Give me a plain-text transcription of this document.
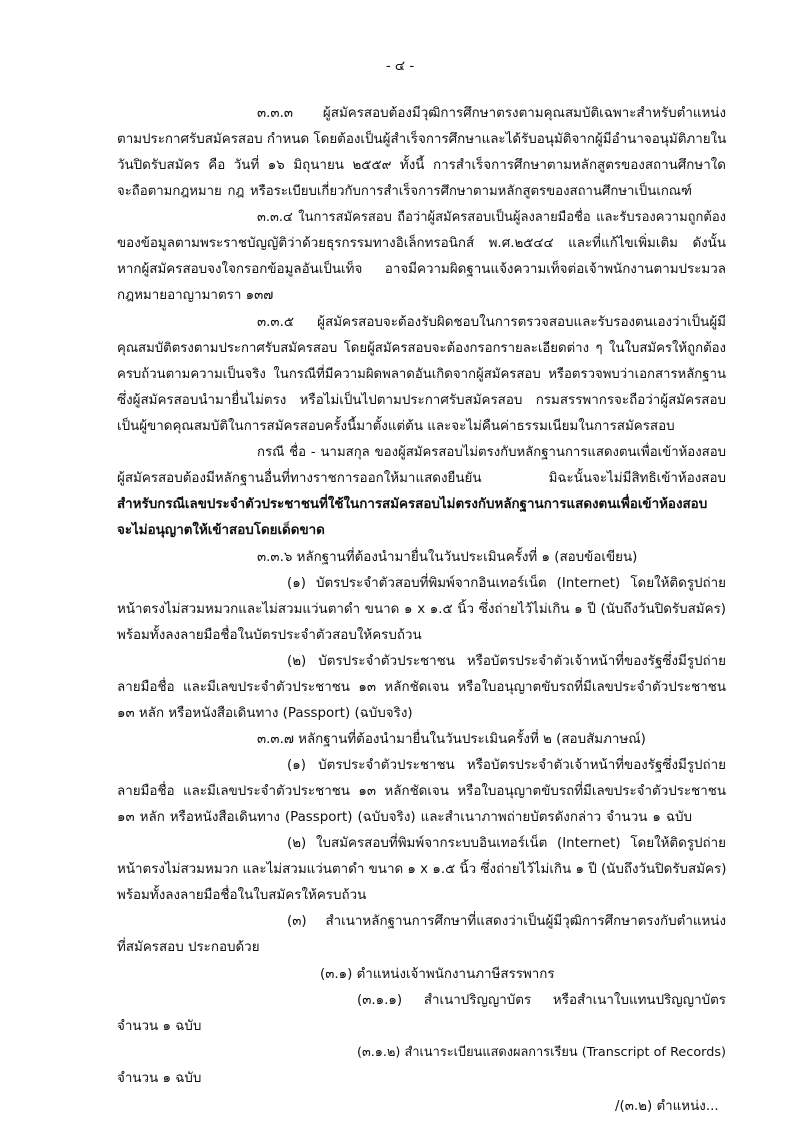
- ๔ -
๓.๓.๓ ผู้สมัครสอบต้องมีวุฒิการศึกษาตรงตามคุณสมบัติเฉพาะสำหรับตำแหน่ง
ตามประกาศรับสมัครสอบ กำหนด โดยต้องเป็นผู้สำเร็จการศึกษาและได้รับอนุมัติจากผู้มีอำนาจอนุมัติภายใน
วันปิดรับสมัคร คือ วันที่ ๑๖ มิถุนายน ๒๕๕๙ ทั้งนี้ การสำเร็จการศึกษาตามหลักสูตรของสถานศึกษาใด
จะถือตามกฎหมาย กฎ หรือระเบียบเกี่ยวกับการสำเร็จการศึกษาตามหลักสูตรของสถานศึกษาเป็นเกณฑ์
๓.๓.๔ ในการสมัครสอบ ถือว่าผู้สมัครสอบเป็นผู้ลงลายมือชื่อ และรับรองความถูกต้อง
ของข้อมูลตามพระราชบัญญัติว่าด้วยธุรกรรมทางอิเล็กทรอนิกส์ พ.ศ.๒๕๔๔ และที่แก้ไขเพิ่มเติม ดังนั้น
หากผู้สมัครสอบจงใจกรอกข้อมูลอันเป็นเท็จ อาจมีความผิดฐานแจ้งความเท็จต่อเจ้าพนักงานตามประมวล
กฎหมายอาญามาตรา ๑๓๗
๓.๓.๕ ผู้สมัครสอบจะต้องรับผิดชอบในการตรวจสอบและรับรองตนเองว่าเป็นผู้มี
คุณสมบัติตรงตามประกาศรับสมัครสอบ โดยผู้สมัครสอบจะต้องกรอกรายละเอียดต่าง ๆ ในใบสมัครให้ถูกต้อง
ครบถ้วนตามความเป็นจริง ในกรณีที่มีความผิดพลาดอันเกิดจากผู้สมัครสอบ หรือตรวจพบว่าเอกสารหลักฐาน
ซึ่งผู้สมัครสอบนำมายื่นไม่ตรง หรือไม่เป็นไปตามประกาศรับสมัครสอบ กรมสรรพากรจะถือว่าผู้สมัครสอบ
เป็นผู้ขาดคุณสมบัติในการสมัครสอบครั้งนี้มาตั้งแต่ต้น และจะไม่คืนค่าธรรมเนียมในการสมัครสอบ
กรณี ชื่อ - นามสกุล ของผู้สมัครสอบไม่ตรงกับหลักฐานการแสดงตนเพื่อเข้าห้องสอบ
ผู้สมัครสอบต้องมีหลักฐานอื่นที่ทางราชการออกให้มาแสดงยืนยัน มิฉะนั้นจะไม่มีสิทธิเข้าห้องสอบ
สำหรับกรณีเลขประจำตัวประชาชนที่ใช้ในการสมัครสอบไม่ตรงกับหลักฐานการแสดงตนเพื่อเข้าห้องสอบ
จะไม่อนุญาตให้เข้าสอบโดยเด็ดขาด
๓.๓.๖ หลักฐานที่ต้องนำมายื่นในวันประเมินครั้งที่ ๑ (สอบข้อเขียน)
(๑) บัตรประจำตัวสอบที่พิมพ์จากอินเทอร์เน็ต (Internet) โดยให้ติดรูปถ่าย
หน้าตรงไม่สวมหมวกและไม่สวมแว่นตาดำ ขนาด ๑ x ๑.๕ นิ้ว ซึ่งถ่ายไว้ไม่เกิน ๑ ปี (นับถึงวันปิดรับสมัคร)
พร้อมทั้งลงลายมือชื่อในบัตรประจำตัวสอบให้ครบถ้วน
(๒) บัตรประจำตัวประชาชน หรือบัตรประจำตัวเจ้าหน้าที่ของรัฐซึ่งมีรูปถ่าย
ลายมือชื่อ และมีเลขประจำตัวประชาชน ๑๓ หลักชัดเจน หรือใบอนุญาตขับรถที่มีเลขประจำตัวประชาชน
๑๓ หลัก หรือหนังสือเดินทาง (Passport) (ฉบับจริง)
๓.๓.๗ หลักฐานที่ต้องนำมายื่นในวันประเมินครั้งที่ ๒ (สอบสัมภาษณ์)
(๑) บัตรประจำตัวประชาชน หรือบัตรประจำตัวเจ้าหน้าที่ของรัฐซึ่งมีรูปถ่าย
ลายมือชื่อ และมีเลขประจำตัวประชาชน ๑๓ หลักชัดเจน หรือใบอนุญาตขับรถที่มีเลขประจำตัวประชาชน
๑๓ หลัก หรือหนังสือเดินทาง (Passport) (ฉบับจริง) และสำเนาภาพถ่ายบัตรดังกล่าว จำนวน ๑ ฉบับ
(๒) ใบสมัครสอบที่พิมพ์จากระบบอินเทอร์เน็ต (Internet) โดยให้ติดรูปถ่าย
หน้าตรงไม่สวมหมวก และไม่สวมแว่นตาดำ ขนาด ๑ x ๑.๕ นิ้ว ซึ่งถ่ายไว้ไม่เกิน ๑ ปี (นับถึงวันปิดรับสมัคร)
พร้อมทั้งลงลายมือชื่อในใบสมัครให้ครบถ้วน
(๓) สำเนาหลักฐานการศึกษาที่แสดงว่าเป็นผู้มีวุฒิการศึกษาตรงกับตำแหน่ง
ที่สมัครสอบ ประกอบด้วย
(๓.๑) ตำแหน่งเจ้าพนักงานภาษีสรรพากร
(๓.๑.๑) สำเนาปริญญาบัตร หรือสำเนาใบแทนปริญญาบัตร
จำนวน ๑ ฉบับ
(๓.๑.๒) สำเนาระเบียนแสดงผลการเรียน (Transcript of Records)
จำนวน ๑ ฉบับ
/(๓.๒) ตำแหน่ง...
